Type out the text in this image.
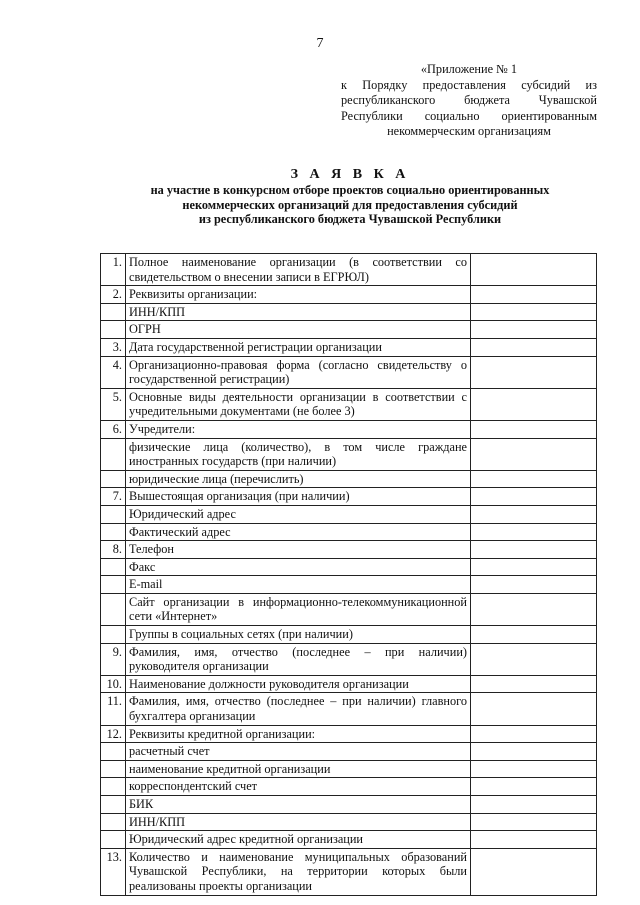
7
«Приложение № 1
к Порядку предоставления субсидий из
республиканского бюджета Чувашской
Республики социально ориентированным
некоммерческим организациям
З А Я В К А
на участие в конкурсном отборе проектов социально ориентированных
некоммерческих организаций для предоставления субсидий
из республиканского бюджета Чувашской Республики
1.	Полное наименование организации (в соответствии со свидетельством о внесении записи в ЕГРЮЛ)	
2.	Реквизиты организации:	
	ИНН/КПП	
	ОГРН	
3.	Дата государственной регистрации организации	
4.	Организационно-правовая форма (согласно свидетельству о государственной регистрации)	
5.	Основные виды деятельности организации в соответствии с учредительными документами (не более 3)	
6.	Учредители:	
	физические лица (количество), в том числе граждане иностранных государств (при наличии)	
	юридические лица (перечислить)	
7.	Вышестоящая организация (при наличии)	
	Юридический адрес	
	Фактический адрес	
8.	Телефон	
	Факс	
	E-mail	
	Сайт организации в информационно-телекоммуникационной сети «Интернет»	
	Группы в социальных сетях (при наличии)	
9.	Фамилия, имя, отчество (последнее – при наличии) руководителя организации	
10.	Наименование должности руководителя организации	
11.	Фамилия, имя, отчество (последнее – при наличии) главного бухгалтера организации	
12.	Реквизиты кредитной организации:	
	расчетный счет	
	наименование кредитной организации	
	корреспондентский счет	
	БИК	
	ИНН/КПП	
	Юридический адрес кредитной организации	
13.	Количество и наименование муниципальных образований Чувашской Республики, на территории которых были реализованы проекты организации	
